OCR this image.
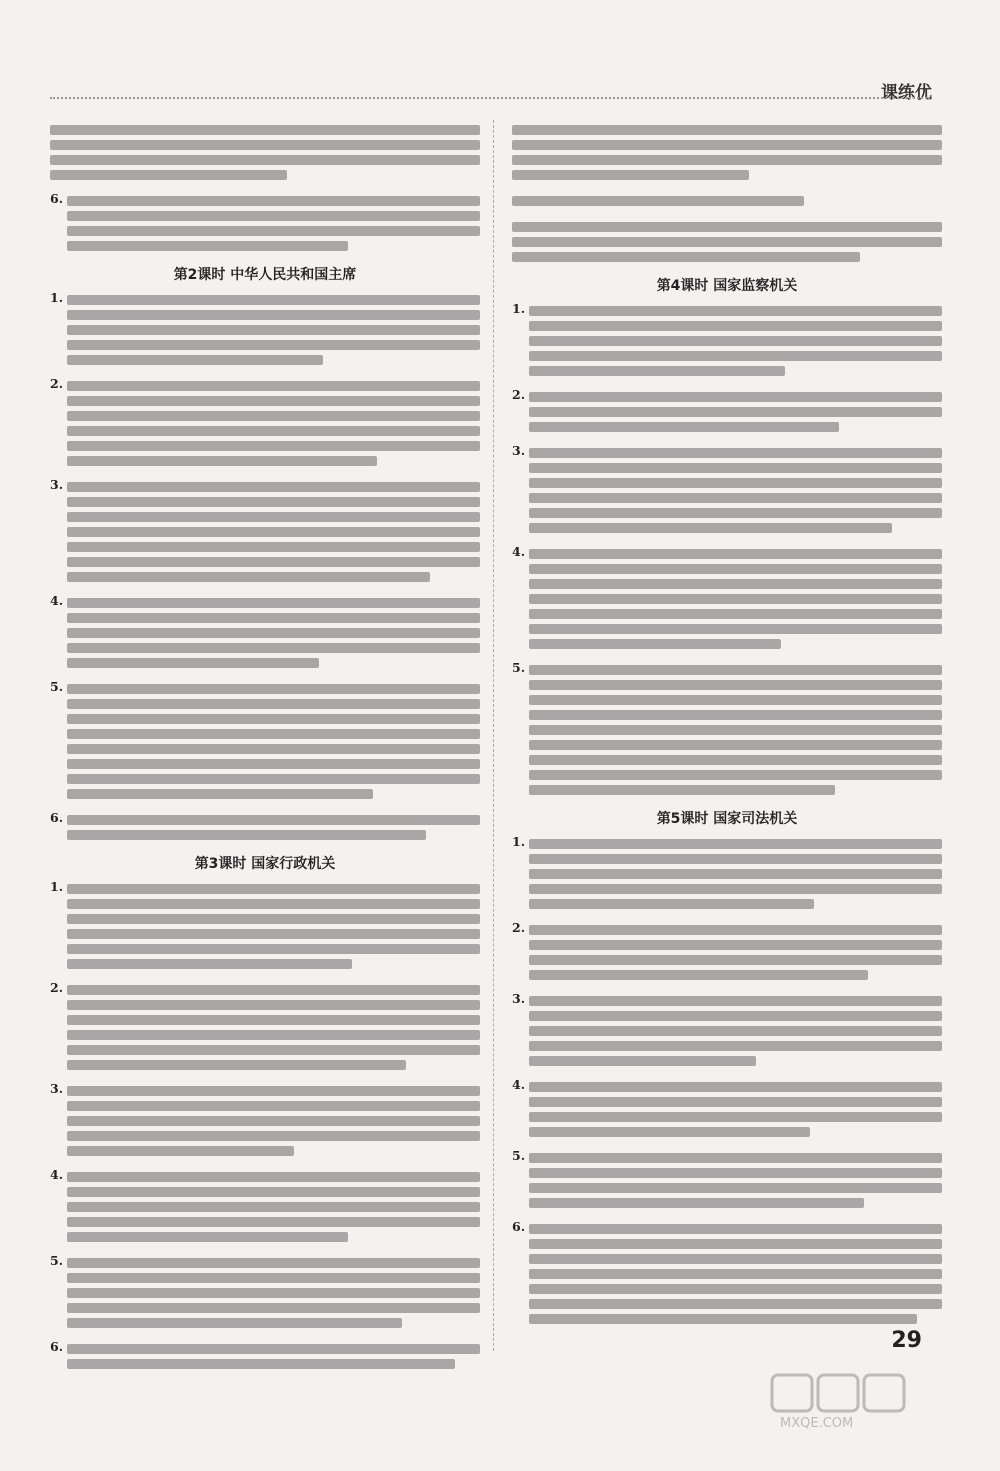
课练优
6.
第2课时 中华人民共和国主席
1.
2.
3.
4.
5.
6.
第3课时 国家行政机关
1.
2.
3.
4.
5.
6.
第4课时 国家监察机关
1.
2.
3.
4.
5.
第5课时 国家司法机关
1.
2.
3.
4.
5.
6.
29
MXQE.COM
